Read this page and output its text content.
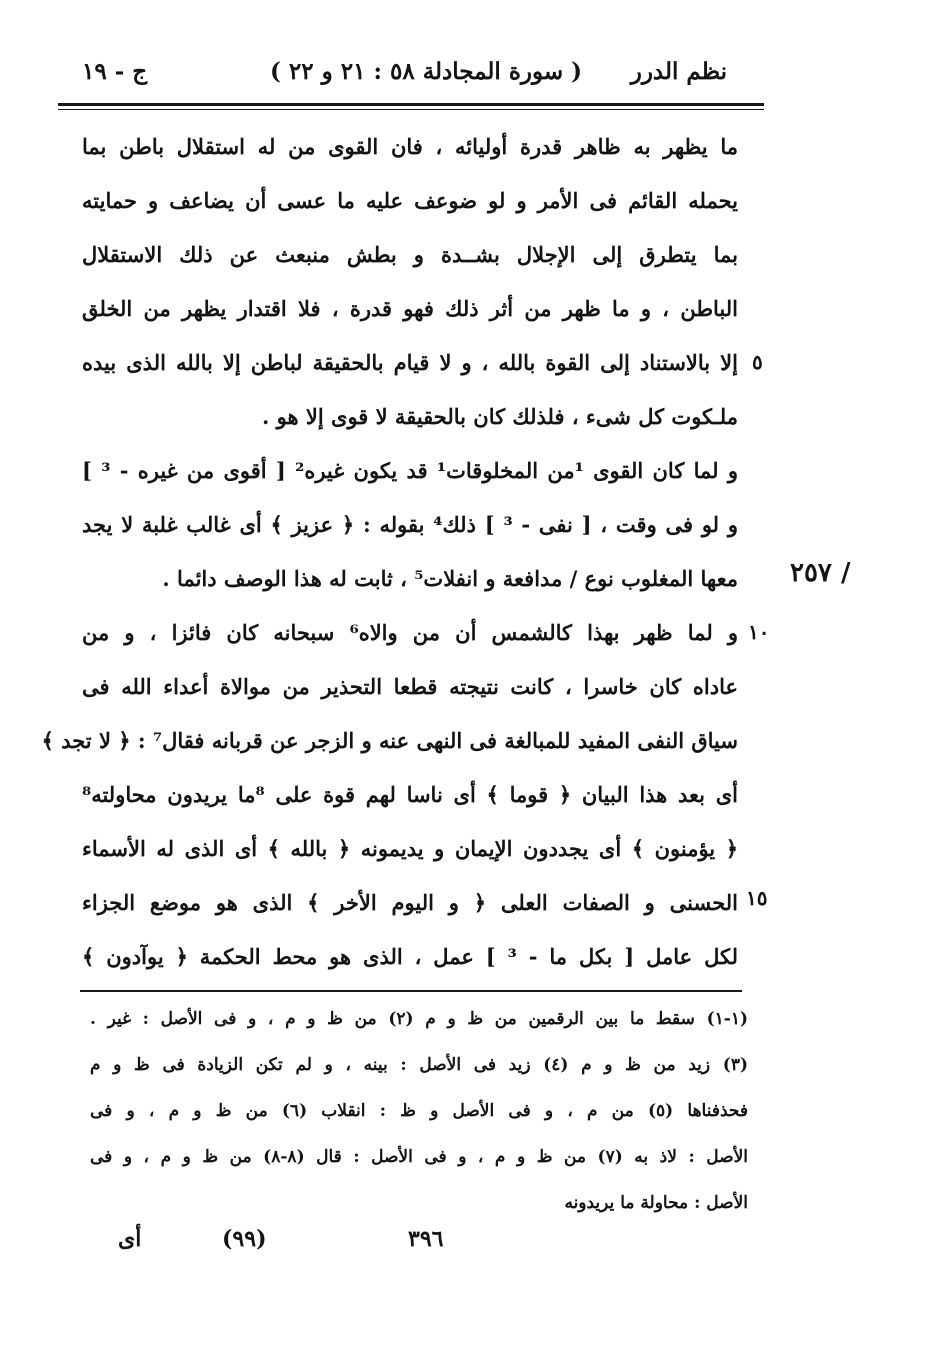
ج - ١٩	( سورة المجادلة ٥٨ : ٢١ و ٢٢ ) نظم الدرر
ما يظهر به ظاهر قدرة أوليائه ، فان القوى من له استقلال باطن بما
يحمله القائم فى الأمر و لو ضوعف عليه ما عسى أن يضاعف و حمايته
بما يتطرق إلى الإجلال بشــدة و بطش منبعث عن ذلك الاستقلال
الباطن ، و ما ظهر من أثر ذلك فهو قدرة ، فلا اقتدار يظهر من الخلق
إلا بالاستناد إلى القوة بالله ، و لا قيام بالحقيقة لباطن إلا بالله الذى بيده
ملـكوت كل شىء ، فلذلك كان بالحقيقة لا قوى إلا هو .
و لما كان القوى ¹من المخلوقات¹ قد يكون غيره² [ أقوى من غيره - ³ ]
و لو فى وقت ، [ نفى - ³ ] ذلك⁴ بقوله : ﴿ عزيز ﴾ أى غالب غلبة لا يجد
معها المغلوب نوع / مدافعة و انفلات⁵ ، ثابت له هذا الوصف دائما .
و لما ظهر بهذا كالشمس أن من والاه⁶ سبحانه كان فائزا ، و من
عاداه كان خاسرا ، كانت نتيجته قطعا التحذير من موالاة أعداء الله فى
سياق النفى المفيد للمبالغة فى النهى عنه و الزجر عن قربانه فقال⁷ : ﴿ لا تجد ﴾
أى بعد هذا البيان ﴿ قوما ﴾ أى ناسا لهم قوة على ⁸ما يريدون محاولته⁸
﴿ يؤمنون ﴾ أى يجددون الإيمان و يديمونه ﴿ بالله ﴾ أى الذى له الأسماء
الحسنى و الصفات العلى ﴿ و اليوم الأخر ﴾ الذى هو موضع الجزاء
لكل عامل [ بكل ما - ³ ] عمل ، الذى هو محط الحكمة ﴿ يوآدون ﴾
٥
١٠
١٥
٢٥٧ /
(١-١) سقط ما بين الرقمين من ظ و م (٢) من ظ و م ، و فى الأصل : غير .
(٣) زيد من ظ و م (٤) زيد فى الأصل : بينه ، و لم تكن الزيادة فى ظ و م
فحذفناها (٥) من م ، و فى الأصل و ظ : انقلاب (٦) من ظ و م ، و فى
الأصل : لاذ به (٧) من ظ و م ، و فى الأصل : قال (٨-٨) من ظ و م ، و فى
الأصل : محاولة ما يريدونه
أى	(٩٩)	٣٩٦
